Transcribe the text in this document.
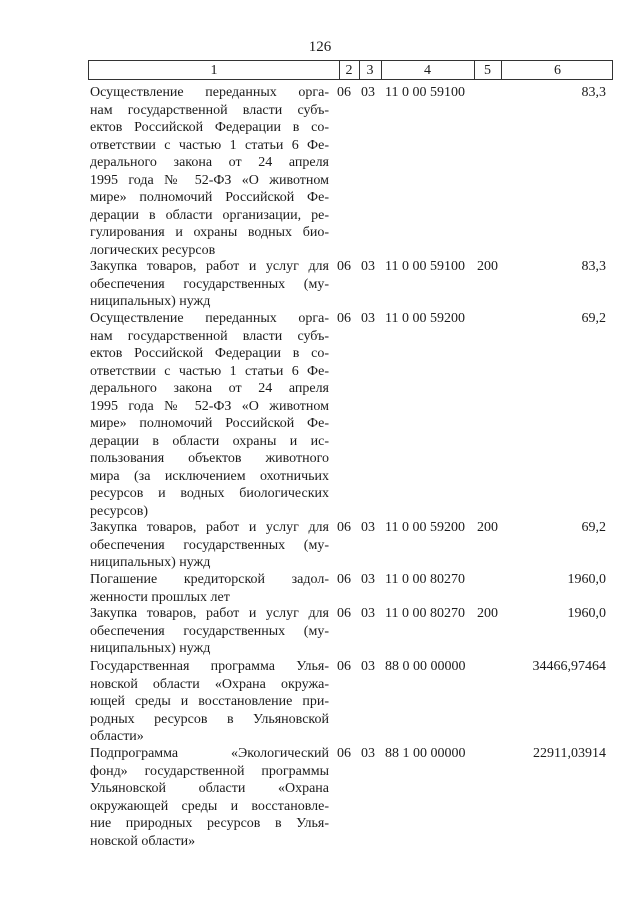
126
1	2	3	4	5	6
Осуществление переданных орга-
нам государственной власти субъ-
ектов Российской Федерации в со-
ответствии с частью 1 статьи 6 Фе-
дерального закона от 24 апреля
1995 года № 52-ФЗ «О животном
мире» полномочий Российской Фе-
дерации в области организации, ре-
гулирования и охраны водных био-
логических ресурсов
06 03 11 0 00 59100	83,3
Закупка товаров, работ и услуг для
обеспечения государственных (му-
ниципальных) нужд
06 03 11 0 00 59100 200	83,3
Осуществление переданных орга-
нам государственной власти субъ-
ектов Российской Федерации в со-
ответствии с частью 1 статьи 6 Фе-
дерального закона от 24 апреля
1995 года № 52-ФЗ «О животном
мире» полномочий Российской Фе-
дерации в области охраны и ис-
пользования объектов животного
мира (за исключением охотничьих
ресурсов и водных биологических
ресурсов)
06 03 11 0 00 59200	69,2
Закупка товаров, работ и услуг для
обеспечения государственных (му-
ниципальных) нужд
06 03 11 0 00 59200 200	69,2
Погашение кредиторской задол-
женности прошлых лет
06 03 11 0 00 80270	1960,0
Закупка товаров, работ и услуг для
обеспечения государственных (му-
ниципальных) нужд
06 03 11 0 00 80270 200	1960,0
Государственная программа Улья-
новской области «Охрана окружа-
ющей среды и восстановление при-
родных ресурсов в Ульяновской
области»
06 03 88 0 00 00000	34466,97464
Подпрограмма «Экологический
фонд» государственной программы
Ульяновской области «Охрана
окружающей среды и восстановле-
ние природных ресурсов в Улья-
новской области»
06 03 88 1 00 00000	22911,03914
